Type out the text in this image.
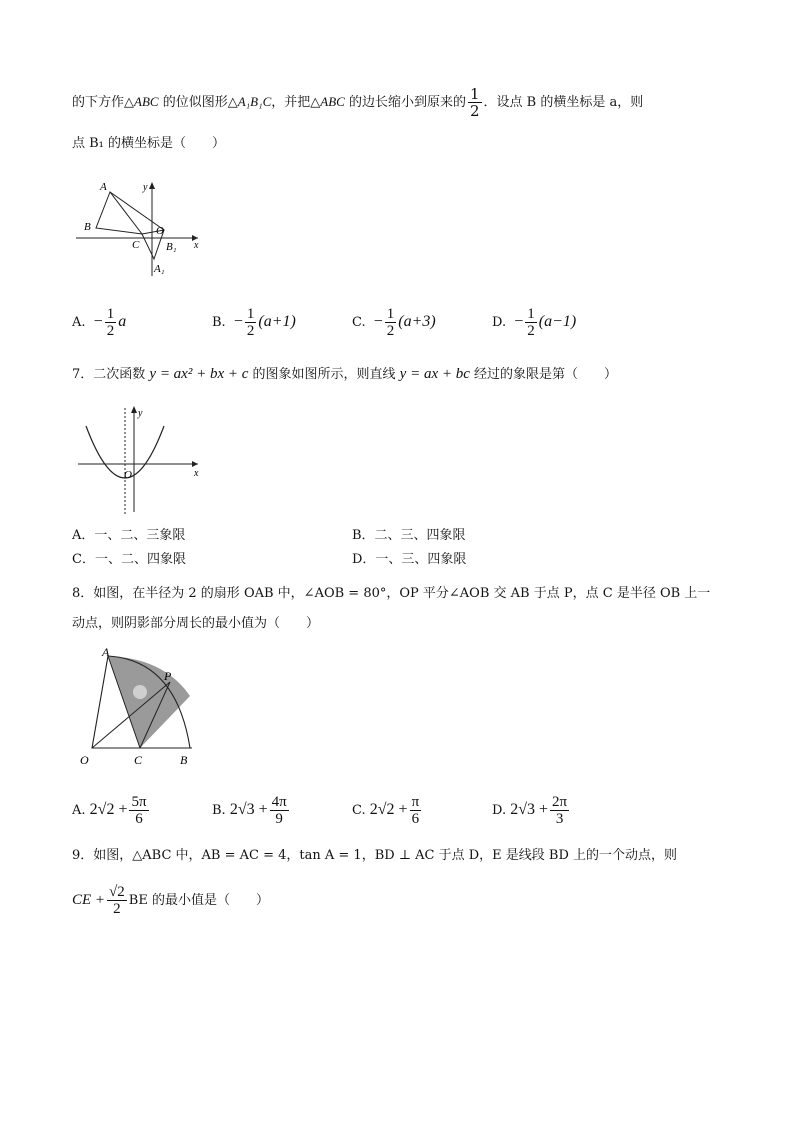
的下方作△ABC 的位似图形△A₁B₁C，并把△ABC 的边长缩小到原来的 $\frac{1}{2}$ ．设点 B 的横坐标是 a，则
点 B₁ 的横坐标是（　　）
A
B
C
O
B₁
A₁
x
y
A.  − $\frac{1}{2}$ a	B.  − $\frac{1}{2} (a+1)$	C.  − $\frac{1}{2} (a+3)$	D.  − $\frac{1}{2} (a-1)$
7．二次函数 y = ax² + bx + c 的图象如图所示，则直线 y = ax + bc 经过的象限是第（　　）
O
y
x
A．一、二、三象限	B．二、三、四象限
C．一、二、四象限	D．一、三、四象限
8．如图，在半径为 2 的扇形 OAB 中，∠AOB = 80°，OP 平分∠AOB 交 AB 于点 P，点 C 是半径 OB 上一
动点，则阴影部分周长的最小值为（　　）
A
P
O	C	B
A. $2√2 + \frac{5\pi}{6}$	B. $2√3 + \frac{4\pi}{9}$	C. $2√2 + \frac{\pi}{6}$	D. $2√3 + \frac{2\pi}{3}$
9．如图，△ABC 中，AB = AC = 4，tan A = 1，BD ⊥ AC 于点 D，E 是线段 BD 上的一个动点，则
CE + $\frac{√2}{2}$ BE 的最小值是（　　）
